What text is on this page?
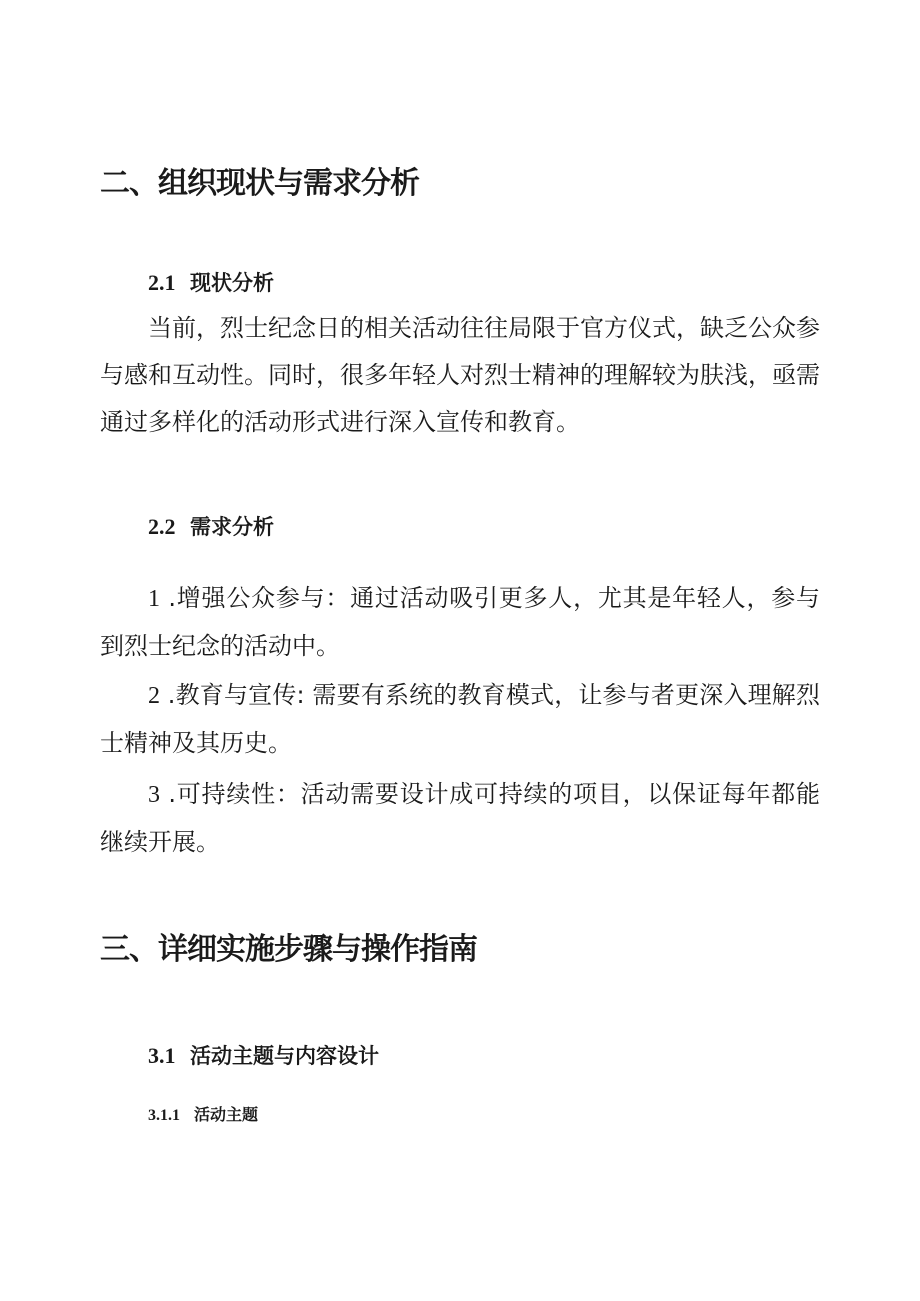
二、组织现状与需求分析
2.1 现状分析

当前，烈士纪念日的相关活动往往局限于官方仪式，缺乏公众参与感和互动性。同时，很多年轻人对烈士精神的理解较为肤浅，亟需通过多样化的活动形式进行深入宣传和教育。

2.2 需求分析

1 .增强公众参与：通过活动吸引更多人，尤其是年轻人，参与到烈士纪念的活动中。

2 .教育与宣传: 需要有系统的教育模式，让参与者更深入理解烈士精神及其历史。

3 .可持续性：活动需要设计成可持续的项目，以保证每年都能继续开展。

三、详细实施步骤与操作指南
3.1 活动主题与内容设计
3.1.1 活动主题
